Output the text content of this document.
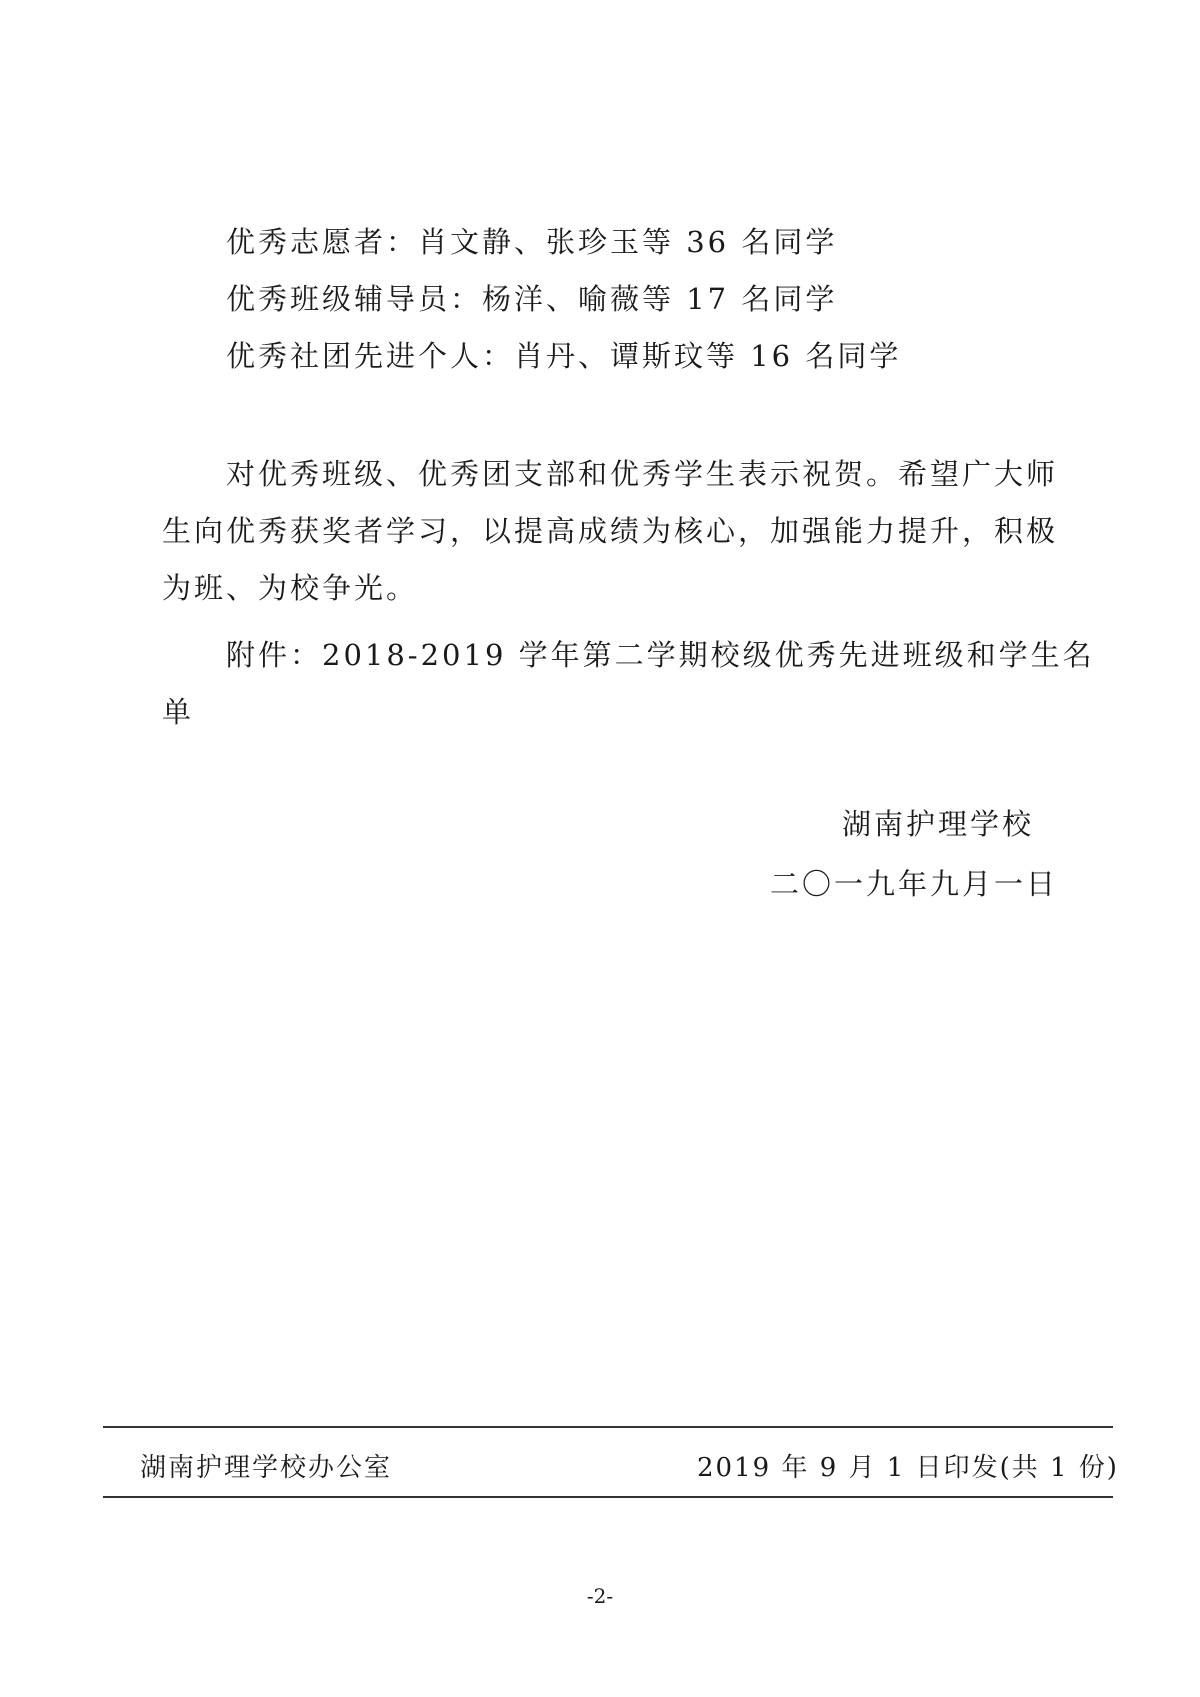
优秀志愿者：肖文静、张珍玉等 36 名同学
优秀班级辅导员：杨洋、喻薇等 17 名同学
优秀社团先进个人：肖丹、谭斯玟等 16 名同学
对优秀班级、优秀团支部和优秀学生表示祝贺。希望广大师
生向优秀获奖者学习，以提高成绩为核心，加强能力提升，积极
为班、为校争光。
附件：2018-2019 学年第二学期校级优秀先进班级和学生名
单
湖南护理学校
二〇一九年九月一日
湖南护理学校办公室	2019 年 9 月 1 日印发(共 1 份)
-2-
